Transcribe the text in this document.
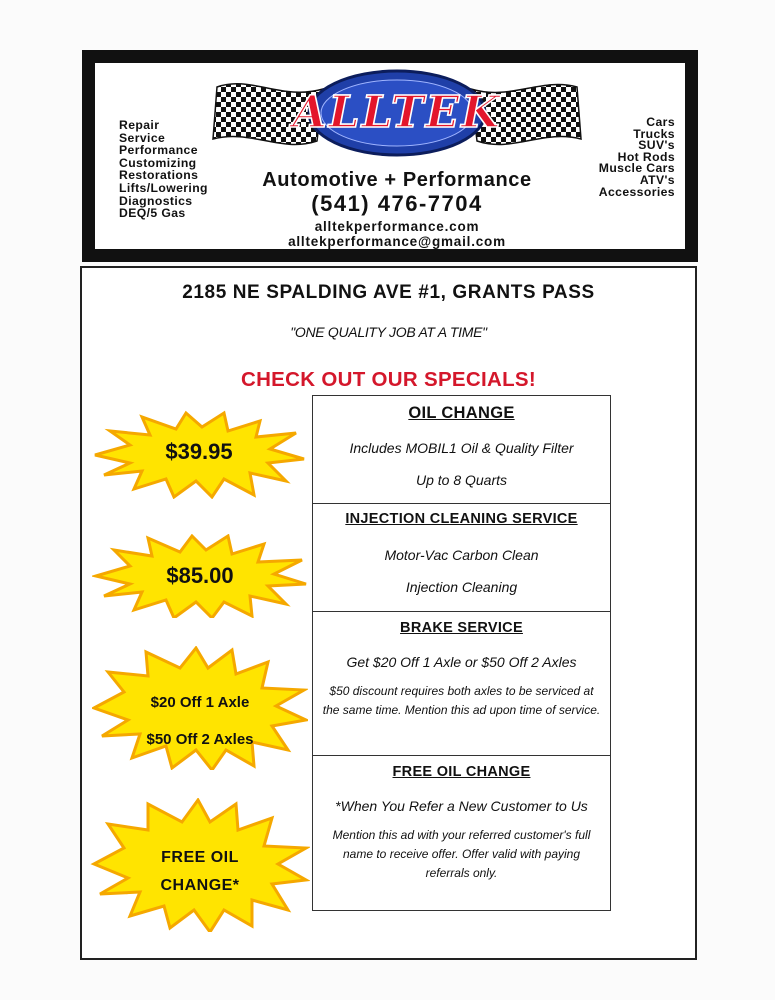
Repair
Service
Performance
Customizing
Restorations
Lifts/Lowering
Diagnostics
DEQ/5 Gas
ALLTEK
Automotive + Performance
(541) 476-7704
alltekperformance.com
alltekperformance@gmail.com
Cars
Trucks
SUV's
Hot Rods
Muscle Cars
ATV's
Accessories
2185 NE SPALDING AVE #1, GRANTS PASS
"ONE QUALITY JOB AT A TIME"
CHECK OUT OUR SPECIALS!
$39.95
$85.00
$20 Off 1 Axle
$50 Off 2 Axles
FREE OIL
CHANGE*
OIL CHANGE
Includes MOBIL1 Oil & Quality Filter
Up to 8 Quarts
INJECTION CLEANING SERVICE
Motor-Vac Carbon Clean
Injection Cleaning
BRAKE SERVICE
Get $20 Off 1 Axle or $50 Off 2 Axles
$50 discount requires both axles to be serviced at the same time. Mention this ad upon time of service.
FREE OIL CHANGE
*When You Refer a New Customer to Us
Mention this ad with your referred customer's full name to receive offer. Offer valid with paying referrals only.
